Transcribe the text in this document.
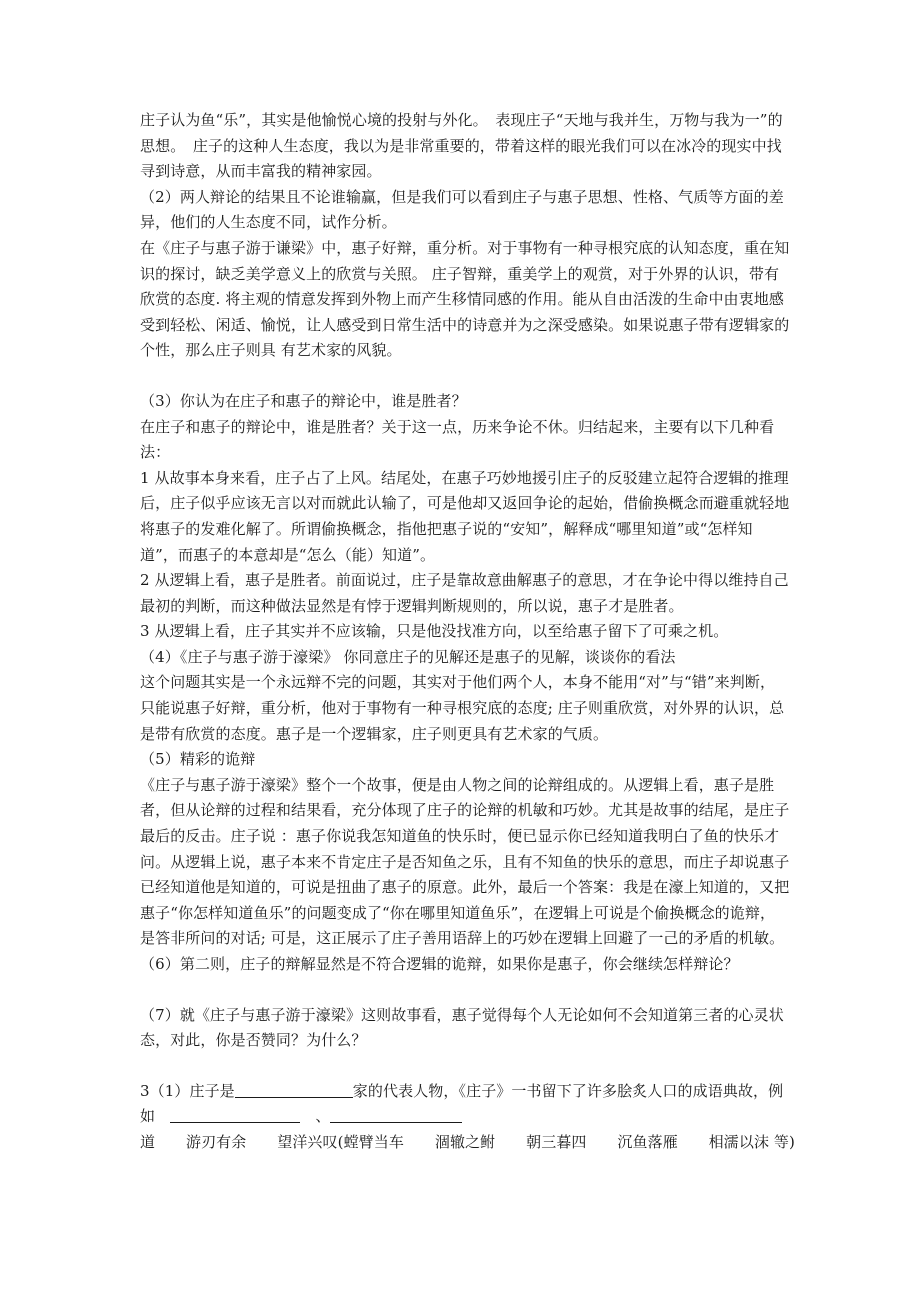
庄子认为鱼“乐”，其实是他愉悦心境的投射与外化。　表现庄子“天地与我并生，万物与我为一”的思想。　庄子的这种人生态度，我以为是非常重要的，带着这样的眼光我们可以在冰冷的现实中找寻到诗意，从而丰富我的精神家园。

（2）两人辩论的结果且不论谁输赢，但是我们可以看到庄子与惠子思想、性格、气质等方面的差异，他们的人生态度不同，试作分析。

在《庄子与惠子游于谦梁》中，惠子好辩，重分析。对于事物有一种寻根究底的认知态度，重在知识的探讨，缺乏美学意义上的欣赏与关照。 庄子智辩，重美学上的观赏，对于外界的认识，带有欣赏的态度. 将主观的情意发挥到外物上而产生移情同感的作用。能从自由活泼的生命中由衷地感受到轻松、闲适、愉悦，让人感受到日常生活中的诗意并为之深受感染。如果说惠子带有逻辑家的个性，那么庄子则具 有艺术家的风貌。

（3）你认为在庄子和惠子的辩论中，谁是胜者？

在庄子和惠子的辩论中，谁是胜者？关于这一点，历来争论不休。归结起来，主要有以下几种看法：

1 从故事本身来看，庄子占了上风。结尾处，在惠子巧妙地援引庄子的反驳建立起符合逻辑的推理后，庄子似乎应该无言以对而就此认输了，可是他却又返回争论的起始，借偷换概念而避重就轻地将惠子的发难化解了。所谓偷换概念，指他把惠子说的“安知”，解释成“哪里知道”或“怎样知道”，而惠子的本意却是“怎么（能）知道”。

2 从逻辑上看，惠子是胜者。前面说过，庄子是靠故意曲解惠子的意思，才在争论中得以维持自己最初的判断，而这种做法显然是有悖于逻辑判断规则的，所以说，惠子才是胜者。

3 从逻辑上看，庄子其实并不应该输，只是他没找准方向，以至给惠子留下了可乘之机。

（4）《庄子与惠子游于濠梁》 你同意庄子的见解还是惠子的见解，谈谈你的看法

这个问题其实是一个永远辩不完的问题，其实对于他们两个人，本身不能用“对”与“错”来判断，只能说惠子好辩，重分析，他对于事物有一种寻根究底的态度; 庄子则重欣赏，对外界的认识，总是带有欣赏的态度。惠子是一个逻辑家，庄子则更具有艺术家的气质。

（5）精彩的诡辩

《庄子与惠子游于濠梁》整个一个故事，便是由人物之间的论辩组成的。从逻辑上看，惠子是胜者，但从论辩的过程和结果看，充分体现了庄子的论辩的机敏和巧妙。尤其是故事的结尾，是庄子最后的反击。庄子说 ：惠子你说我怎知道鱼的快乐时，便已显示你已经知道我明白了鱼的快乐才问。从逻辑上说，惠子本来不肯定庄子是否知鱼之乐，且有不知鱼的快乐的意思，而庄子却说惠子已经知道他是知道的，可说是扭曲了惠子的原意。此外，最后一个答案：我是在濠上知道的，又把惠子“你怎样知道鱼乐”的问题变成了“你在哪里知道鱼乐”，在逻辑上可说是个偷换概念的诡辩，是答非所问的对话; 可是，这正展示了庄子善用语辞上的巧妙在逻辑上回避了一己的矛盾的机敏。

（6）第二则，庄子的辩解显然是不符合逻辑的诡辩，如果你是惠子，你会继续怎样辩论？

（7）就《庄子与惠子游于濠梁》这则故事看，惠子觉得每个人无论如何不会知道第三者的心灵状态，对此，你是否赞同？为什么？

3（1）庄子是	家的代表人物，《庄子》一书留下了许多脍炙人口的成语典故，例如　　	、

道 游刃有余 望洋兴叹(螳臂当车 涸辙之鲋 朝三暮四 沉鱼落雁 相濡以沫 等)
